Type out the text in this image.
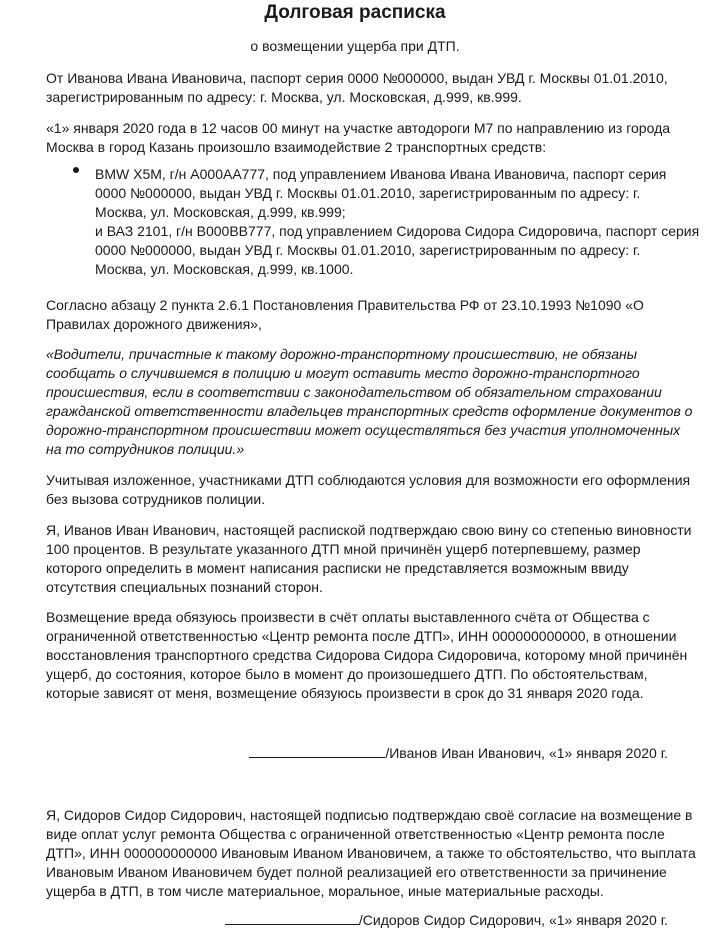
Долговая расписка
о возмещении ущерба при ДТП.
От Иванова Ивана Ивановича, паспорт серия 0000 №000000, выдан УВД г. Москвы 01.01.2010,
зарегистрированным по адресу: г. Москва, ул. Московская, д.999, кв.999.
«1» января 2020 года в 12 часов 00 минут на участке автодороги М7 по направлению из города
Москва в город Казань произошло взаимодействие 2 транспортных средств:
BMW X5M, г/н А000АА777, под управлением Иванова Ивана Ивановича, паспорт серия
0000 №000000, выдан УВД г. Москвы 01.01.2010, зарегистрированным по адресу: г.
Москва, ул. Московская, д.999, кв.999;
и ВАЗ 2101, г/н В000ВВ777, под управлением Сидорова Сидора Сидоровича, паспорт серия
0000 №000000, выдан УВД г. Москвы 01.01.2010, зарегистрированным по адресу: г.
Москва, ул. Московская, д.999, кв.1000.
Согласно абзацу 2 пункта 2.6.1 Постановления Правительства РФ от 23.10.1993 №1090 «О
Правилах дорожного движения»,
«Водители, причастные к такому дорожно-транспортному происшествию, не обязаны
сообщать о случившемся в полицию и могут оставить место дорожно-транспортного
происшествия, если в соответствии с законодательством об обязательном страховании
гражданской ответственности владельцев транспортных средств оформление документов о
дорожно-транспортном происшествии может осуществляться без участия уполномоченных
на то сотрудников полиции.»
Учитывая изложенное, участниками ДТП соблюдаются условия для возможности его оформления
без вызова сотрудников полиции.
Я, Иванов Иван Иванович, настоящей распиской подтверждаю свою вину со степенью виновности
100 процентов. В результате указанного ДТП мной причинён ущерб потерпевшему, размер
которого определить в момент написания расписки не представляется возможным ввиду
отсутствия специальных познаний сторон.
Возмещение вреда обязуюсь произвести в счёт оплаты выставленного счёта от Общества с
ограниченной ответственностью «Центр ремонта после ДТП», ИНН 000000000000, в отношении
восстановления транспортного средства Сидорова Сидора Сидоровича, которому мной причинён
ущерб, до состояния, которое было в момент до произошедшего ДТП. По обстоятельствам,
которые зависят от меня, возмещение обязуюсь произвести в срок до 31 января 2020 года.
/Иванов Иван Иванович, «1» января 2020 г.
Я, Сидоров Сидор Сидорович, настоящей подписью подтверждаю своё согласие на возмещение в
виде оплат услуг ремонта Общества с ограниченной ответственностью «Центр ремонта после
ДТП», ИНН 000000000000 Ивановым Иваном Ивановичем, а также то обстоятельство, что выплата
Ивановым Иваном Ивановичем будет полной реализацией его ответственности за причинение
ущерба в ДТП, в том числе материальное, моральное, иные материальные расходы.
/Сидоров Сидор Сидорович, «1» января 2020 г.
